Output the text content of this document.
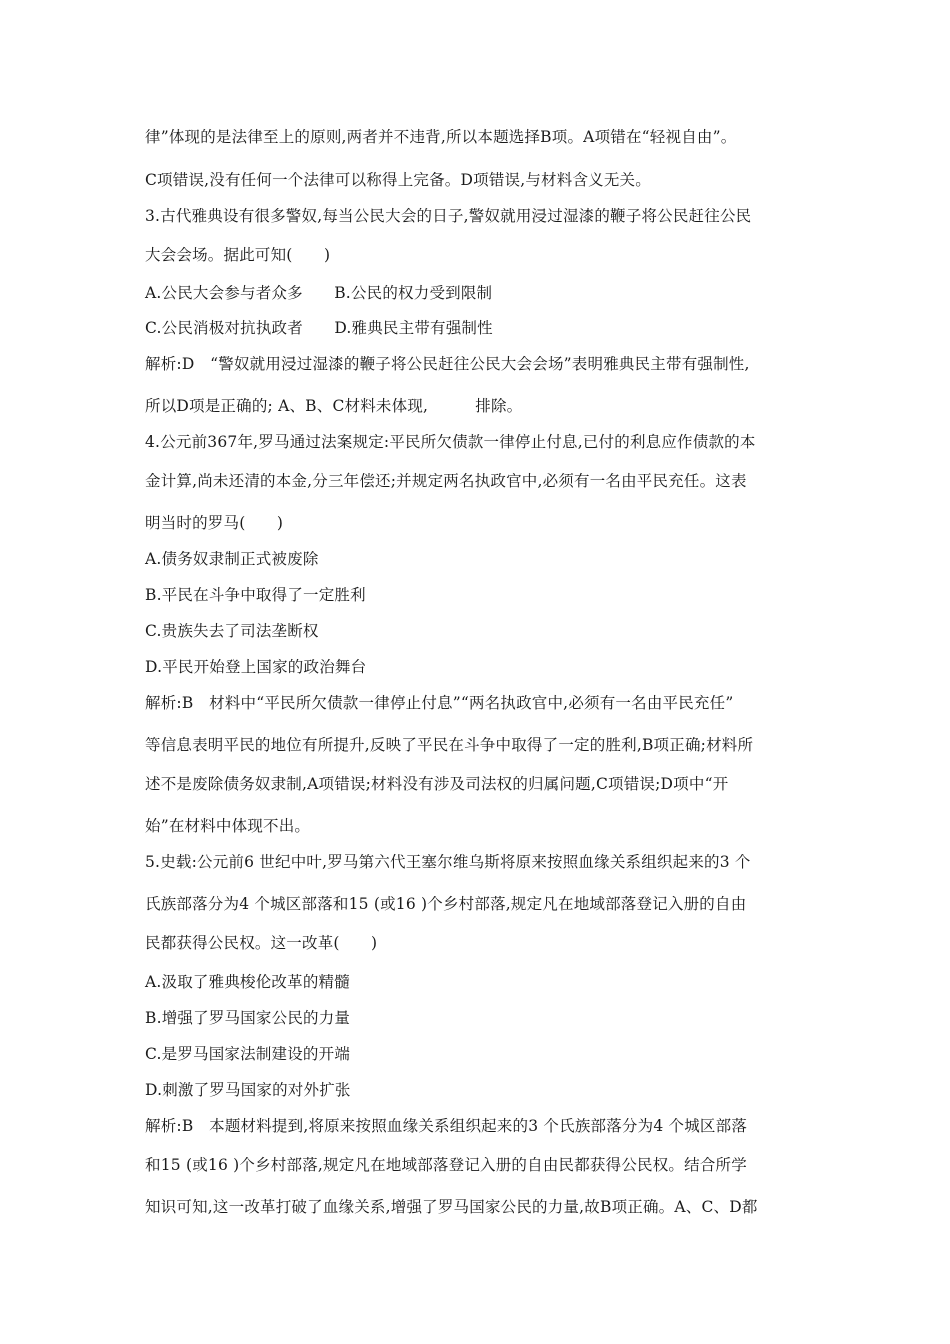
律”体现的是法律至上的原则,两者并不违背,所以本题选择B项。A项错在“轻视自由”。

C项错误,没有任何一个法律可以称得上完备。D项错误,与材料含义无关。

3.古代雅典设有很多警奴,每当公民大会的日子,警奴就用浸过湿漆的鞭子将公民赶往公民

大会会场。据此可知(　　)

A.公民大会参与者众多　　B.公民的权力受到限制

C.公民消极对抗执政者　　D.雅典民主带有强制性

解析:D　“警奴就用浸过湿漆的鞭子将公民赶往公民大会会场”表明雅典民主带有强制性,

所以D项是正确的; A、B、C材料未体现,　　　排除。

4.公元前367年,罗马通过法案规定:平民所欠债款一律停止付息,已付的利息应作债款的本

金计算,尚未还清的本金,分三年偿还;并规定两名执政官中,必须有一名由平民充任。这表

明当时的罗马(　　)

A.债务奴隶制正式被废除

B.平民在斗争中取得了一定胜利

C.贵族失去了司法垄断权

D.平民开始登上国家的政治舞台

解析:B　材料中“平民所欠债款一律停止付息”“两名执政官中,必须有一名由平民充任”

等信息表明平民的地位有所提升,反映了平民在斗争中取得了一定的胜利,B项正确;材料所

述不是废除债务奴隶制,A项错误;材料没有涉及司法权的归属问题,C项错误;D项中“开

始”在材料中体现不出。

5.史载:公元前6 世纪中叶,罗马第六代王塞尔维乌斯将原来按照血缘关系组织起来的3 个

氏族部落分为4 个城区部落和15 (或16 )个乡村部落,规定凡在地域部落登记入册的自由

民都获得公民权。这一改革(　　)

A.汲取了雅典梭伦改革的精髓

B.增强了罗马国家公民的力量

C.是罗马国家法制建设的开端

D.刺激了罗马国家的对外扩张

解析:B　本题材料提到,将原来按照血缘关系组织起来的3 个氏族部落分为4 个城区部落

和15 (或16 )个乡村部落,规定凡在地域部落登记入册的自由民都获得公民权。结合所学

知识可知,这一改革打破了血缘关系,增强了罗马国家公民的力量,故B项正确。A、C、D都
